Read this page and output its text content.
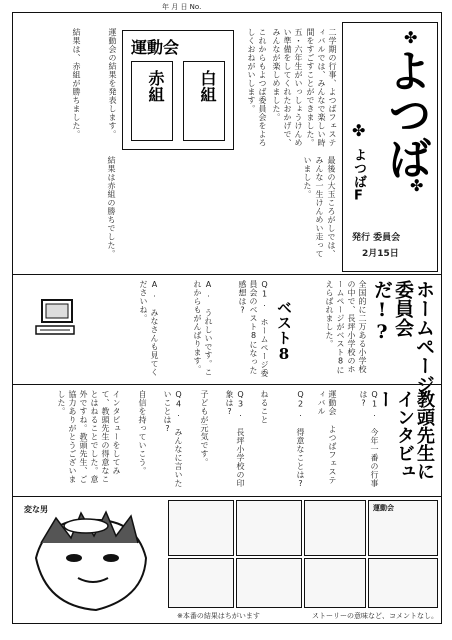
年 月 日 No.
✤
✤
✤
よつば
よつばF
発行 委員会
2月15日
二学期の行事、よつばフェスティバルでは、みんなで楽しい時間をすごすことができました。
五・六年生がいっしょうけんめい準備をしてくれたおかげで、みんなが楽しめました。
これからもよつば委員会をよろしくおねがいします。
結果は、赤組が勝ちました。	運動会の結果を発表します。 運動会
赤組 白組
最後の大玉ころがしでは、みんな一生けんめい走っていました。
結果は赤組の勝ちでした。
ホームページ委員会だ!?
全国的に二万ある小学校の中で、長坪小学校のホームページがベスト8にえらばれました。
ベスト8
Q1. ホームページ委員会のベスト8になった感想は?
A. うれしいです。これからもがんばります。
A. みなさんも見てくださいね。
教頭先生にインタビュー
Q1. 今年一番の行事は?
運動会 よつばフェスティバル
Q2. 得意なことは?
ねること
Q3. 長坪小学校の印象は?
子どもが元気です。
Q4. みんなに言いたいことは?
自信を持っていこう。
インタビューをしてみて、教頭先生の得意なことはねることでした。意外ですね。教頭先生、ご協力ありがとうございました。
変な男	運動会
※本番の結果はちがいます	ストーリーの意味など、コメントなし。
